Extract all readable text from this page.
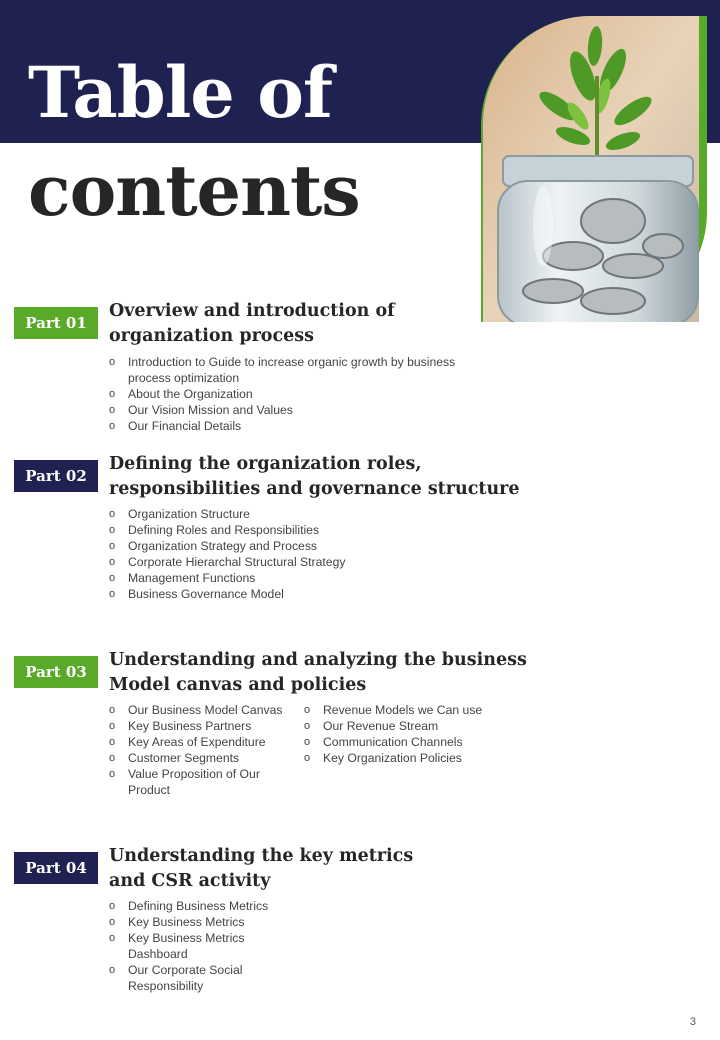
Table of
contents
Part 01
Overview and introduction of
organization process
o Introduction to Guide to increase organic growth by business process optimization
o About the Organization
o Our Vision Mission and Values
o Our Financial Details
Part 02
Defining the organization roles,
responsibilities and governance structure
o Organization Structure
o Defining Roles and Responsibilities
o Organization Strategy and Process
o Corporate Hierarchal Structural Strategy
o Management Functions
o Business Governance Model
Part 03
Understanding and analyzing the business
Model canvas and policies
o Our Business Model Canvas
o Key Business Partners
o Key Areas of Expenditure
o Customer Segments
o Value Proposition of Our Product
o Revenue Models we Can use
o Our Revenue Stream
o Communication Channels
o Key Organization Policies
Part 04
Understanding the key metrics
and CSR activity
o Defining Business Metrics
o Key Business Metrics
o Key Business Metrics Dashboard
o Our Corporate Social Responsibility
3
